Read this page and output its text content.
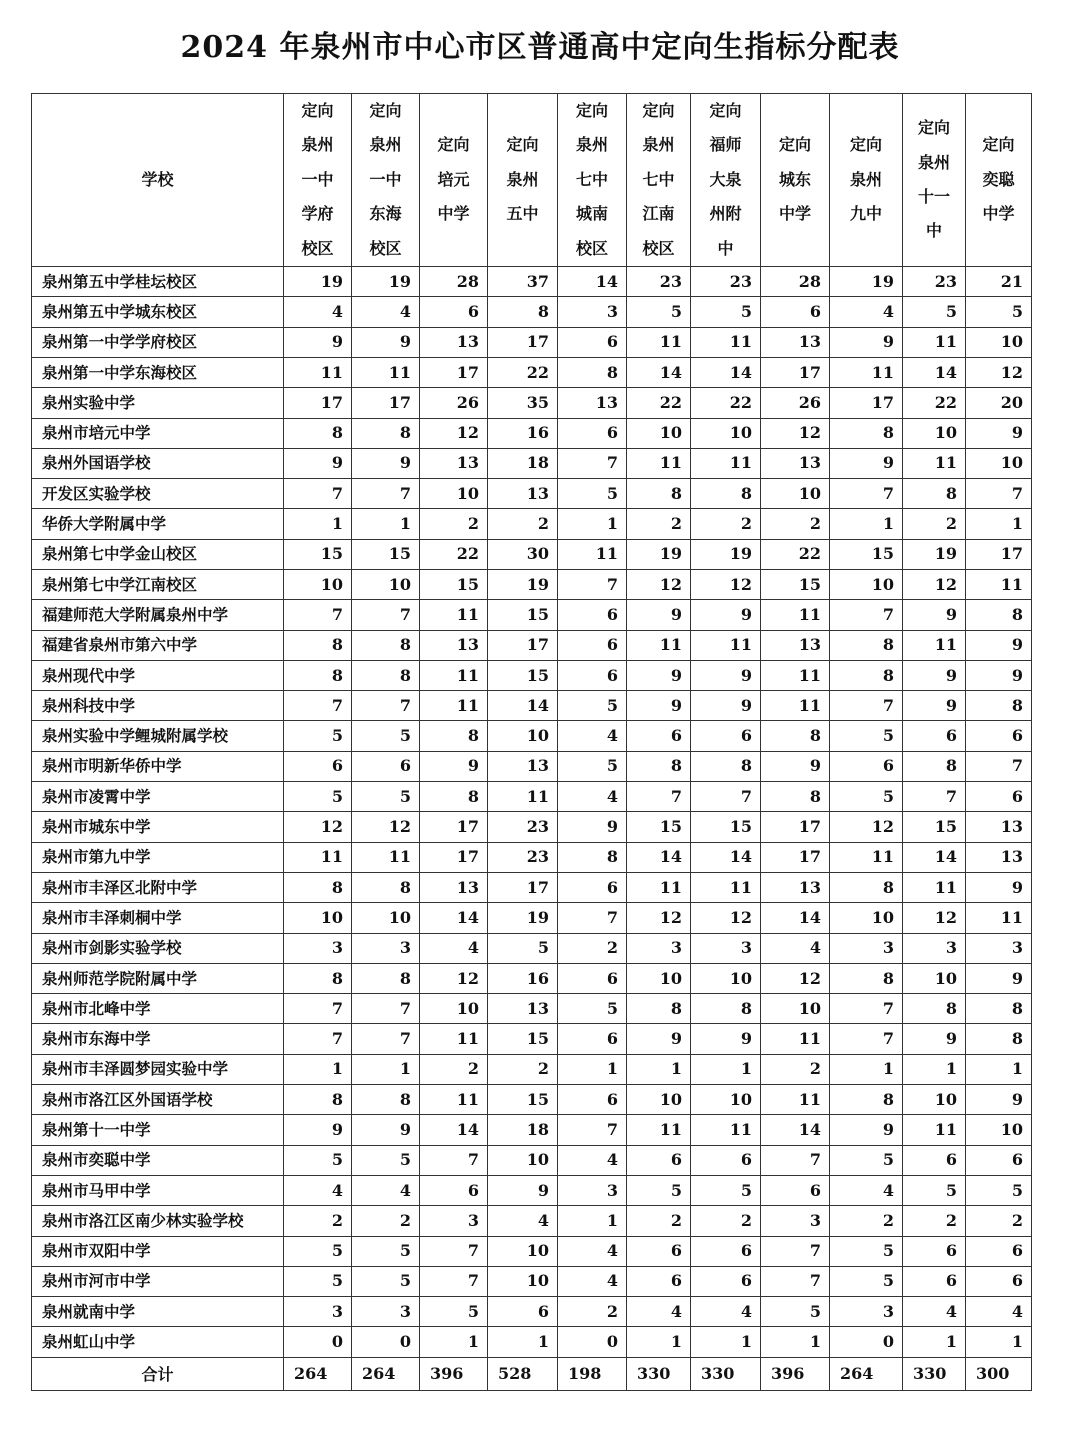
2024 年泉州市中心市区普通高中定向生指标分配表
学校	定向
泉州
一中
学府
校区	定向
泉州
一中
东海
校区	定向
培元
中学	定向
泉州
五中	定向
泉州
七中
城南
校区	定向
泉州
七中
江南
校区	定向
福师
大泉
州附
中	定向
城东
中学	定向
泉州
九中	定向
泉州
十一
中	定向
奕聪
中学

泉州第五中学桂坛校区	19	19	28	37	14	23	23	28	19	23	21
泉州第五中学城东校区	4	4	6	8	3	5	5	6	4	5	5
泉州第一中学学府校区	9	9	13	17	6	11	11	13	9	11	10
泉州第一中学东海校区	11	11	17	22	8	14	14	17	11	14	12
泉州实验中学	17	17	26	35	13	22	22	26	17	22	20
泉州市培元中学	8	8	12	16	6	10	10	12	8	10	9
泉州外国语学校	9	9	13	18	7	11	11	13	9	11	10
开发区实验学校	7	7	10	13	5	8	8	10	7	8	7
华侨大学附属中学	1	1	2	2	1	2	2	2	1	2	1
泉州第七中学金山校区	15	15	22	30	11	19	19	22	15	19	17
泉州第七中学江南校区	10	10	15	19	7	12	12	15	10	12	11
福建师范大学附属泉州中学	7	7	11	15	6	9	9	11	7	9	8
福建省泉州市第六中学	8	8	13	17	6	11	11	13	8	11	9
泉州现代中学	8	8	11	15	6	9	9	11	8	9	9
泉州科技中学	7	7	11	14	5	9	9	11	7	9	8
泉州实验中学鲤城附属学校	5	5	8	10	4	6	6	8	5	6	6
泉州市明新华侨中学	6	6	9	13	5	8	8	9	6	8	7
泉州市凌霄中学	5	5	8	11	4	7	7	8	5	7	6
泉州市城东中学	12	12	17	23	9	15	15	17	12	15	13
泉州市第九中学	11	11	17	23	8	14	14	17	11	14	13
泉州市丰泽区北附中学	8	8	13	17	6	11	11	13	8	11	9
泉州市丰泽刺桐中学	10	10	14	19	7	12	12	14	10	12	11
泉州市剑影实验学校	3	3	4	5	2	3	3	4	3	3	3
泉州师范学院附属中学	8	8	12	16	6	10	10	12	8	10	9
泉州市北峰中学	7	7	10	13	5	8	8	10	7	8	8
泉州市东海中学	7	7	11	15	6	9	9	11	7	9	8
泉州市丰泽圆梦园实验中学	1	1	2	2	1	1	1	2	1	1	1
泉州市洛江区外国语学校	8	8	11	15	6	10	10	11	8	10	9
泉州第十一中学	9	9	14	18	7	11	11	14	9	11	10
泉州市奕聪中学	5	5	7	10	4	6	6	7	5	6	6
泉州市马甲中学	4	4	6	9	3	5	5	6	4	5	5
泉州市洛江区南少林实验学校	2	2	3	4	1	2	2	3	2	2	2
泉州市双阳中学	5	5	7	10	4	6	6	7	5	6	6
泉州市河市中学	5	5	7	10	4	6	6	7	5	6	6
泉州就南中学	3	3	5	6	2	4	4	5	3	4	4
泉州虹山中学	0	0	1	1	0	1	1	1	0	1	1
合计	264	264	396	528	198	330	330	396	264	330	300
